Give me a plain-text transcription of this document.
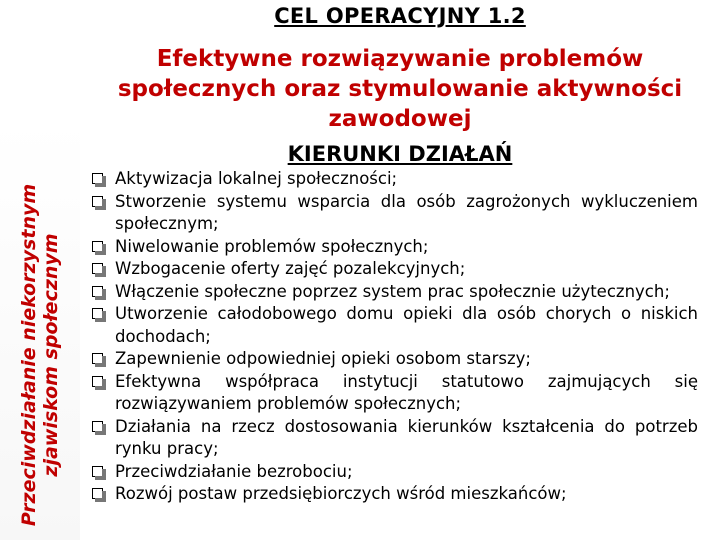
Przeciwdziałanie niekorzystnym zjawiskom społecznym
CEL OPERACYJNY 1.2
Efektywne rozwiązywanie problemów
społecznych oraz stymulowanie aktywności
zawodowej
KIERUNKI DZIAŁAŃ
Aktywizacja lokalnej społeczności;
Stworzenie systemu wsparcia dla osób zagrożonych wykluczeniem społecznym;
Niwelowanie problemów społecznych;
Wzbogacenie oferty zajęć pozalekcyjnych;
Włączenie społeczne poprzez system prac społecznie użytecznych;
Utworzenie całodobowego domu opieki dla osób chorych o niskich dochodach;
Zapewnienie odpowiedniej opieki osobom starszy;
Efektywna współpraca instytucji statutowo zajmujących się rozwiązywaniem problemów społecznych;
Działania na rzecz dostosowania kierunków kształcenia do potrzeb rynku pracy;
Przeciwdziałanie bezrobociu;
Rozwój postaw przedsiębiorczych wśród mieszkańców;
